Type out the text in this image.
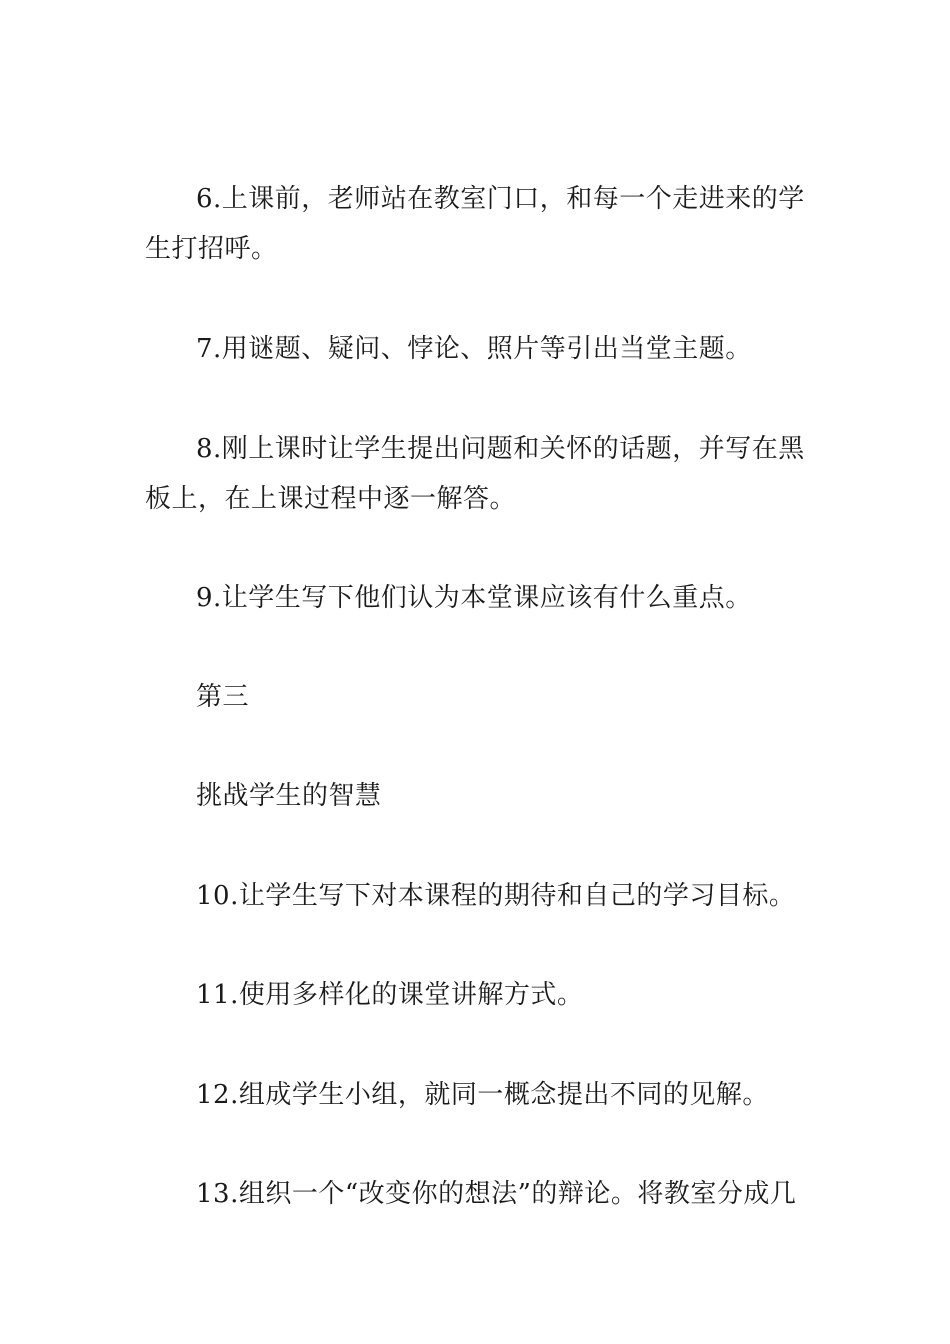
6.上课前，老师站在教室门口，和每一个走进来的学生打招呼。

7.用谜题、疑问、悖论、照片等引出当堂主题。

8.刚上课时让学生提出问题和关怀的话题，并写在黑板上，在上课过程中逐一解答。

9.让学生写下他们认为本堂课应该有什么重点。

第三

挑战学生的智慧

10.让学生写下对本课程的期待和自己的学习目标。

11.使用多样化的课堂讲解方式。

12.组成学生小组，就同一概念提出不同的见解。

13.组织一个“改变你的想法”的辩论。将教室分成几
